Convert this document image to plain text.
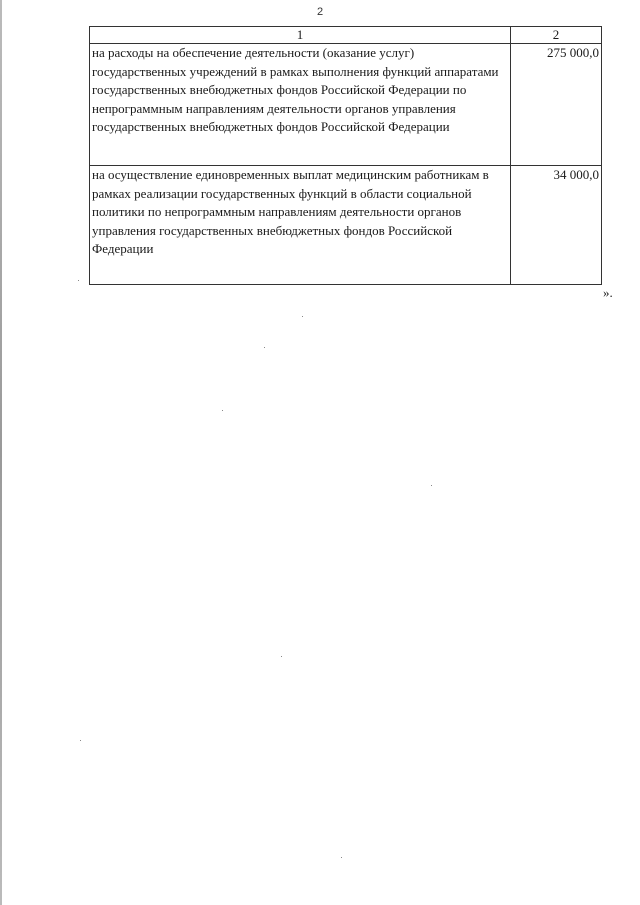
2
1	2
на расходы на обеспечение деятельности (оказание услуг) государственных учреждений в рамках выполнения функций аппаратами государственных внебюджетных фондов Российской Федерации по непрограммным направлениям деятельности органов управления государственных внебюджетных фондов Российской Федерации	275 000,0
на осуществление единовременных выплат медицинским работникам в рамках реализации государственных функций в области социальной политики по непрограммным направлениям деятельности органов управления государственных внебюджетных фондов Российской Федерации	34 000,0
».
